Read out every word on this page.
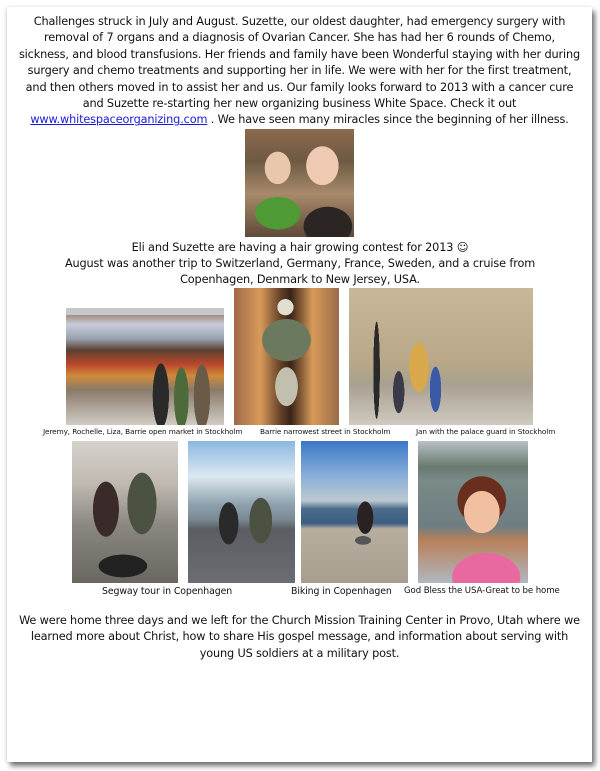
Challenges struck in July and August. Suzette, our oldest daughter, had emergency surgery with removal of 7 organs and a diagnosis of Ovarian Cancer. She has had her 6 rounds of Chemo, sickness, and blood transfusions. Her friends and family have been Wonderful staying with her during surgery and chemo treatments and supporting her in life. We were with her for the first treatment, and then others moved in to assist her and us. Our family looks forward to 2013 with a cancer cure and Suzette re-starting her new organizing business White Space. Check it out www.whitespaceorganizing.com . We have seen many miracles since the beginning of her illness.

Eli and Suzette are having a hair growing contest for 2013 ☺
August was another trip to Switzerland, Germany, France, Sweden, and a cruise from
Copenhagen, Denmark to New Jersey, USA.
Jeremy, Rochelle, Liza, Barrie open market in Stockholm Barrie narrowest street in Stockholm	Jan with the palace guard in Stockholm
Segway tour in Copenhagen	Biking in Copenhagen God Bless the USA-Great to be home

We were home three days and we left for the Church Mission Training Center in Provo, Utah where we learned more about Christ, how to share His gospel message, and information about serving with young US soldiers at a military post.
